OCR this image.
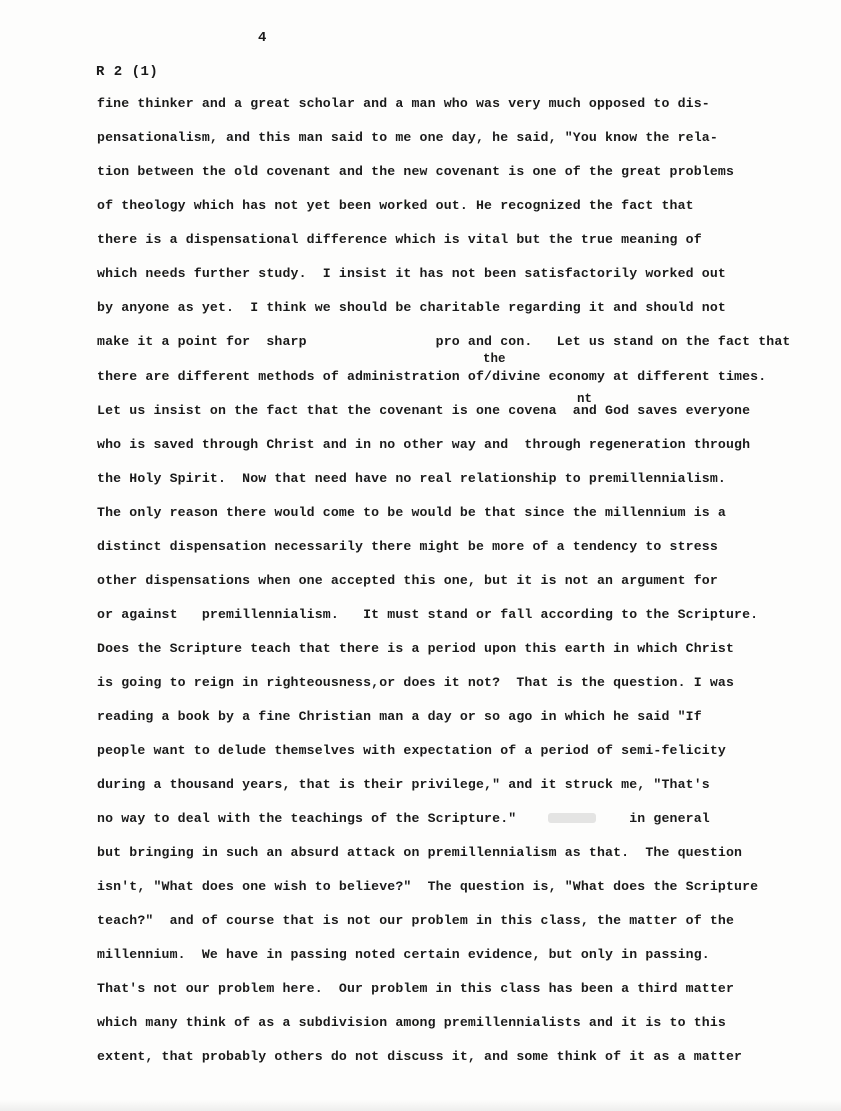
4
R 2 (1)
fine thinker and a great scholar and a man who was very much opposed to dis-
pensationalism, and this man said to me one day, he said, "You know the rela-
tion between the old covenant and the new covenant is one of the great problems
of theology which has not yet been worked out. He recognized the fact that
there is a dispensational difference which is vital but the true meaning of
which needs further study.  I insist it has not been satisfactorily worked out
by anyone as yet.  I think we should be charitable regarding it and should not
make it a point for  sharp                pro and con.   Let us stand on the fact that
the
there are different methods of administration of/divine economy at different times.
Let us insist on the fact that the covenant is one covena  and God saves everyone
nt
who is saved through Christ and in no other way and  through regeneration through
the Holy Spirit.  Now that need have no real relationship to premillennialism.
The only reason there would come to be would be that since the millennium is a
distinct dispensation necessarily there might be more of a tendency to stress
other dispensations when one accepted this one, but it is not an argument for
or against   premillennialism.   It must stand or fall according to the Scripture.
Does the Scripture teach that there is a period upon this earth in which Christ
is going to reign in righteousness,or does it not?  That is the question. I was
reading a book by a fine Christian man a day or so ago in which he said "If
people want to delude themselves with expectation of a period of semi-felicity
during a thousand years, that is their privilege," and it struck me, "That's
no way to deal with the teachings of the Scripture."              in general
but bringing in such an absurd attack on premillennialism as that.  The question
isn't, "What does one wish to believe?"  The question is, "What does the Scripture
teach?"  and of course that is not our problem in this class, the matter of the
millennium.  We have in passing noted certain evidence, but only in passing.
That's not our problem here.  Our problem in this class has been a third matter
which many think of as a subdivision among premillennialists and it is to this
extent, that probably others do not discuss it, and some think of it as a matter
